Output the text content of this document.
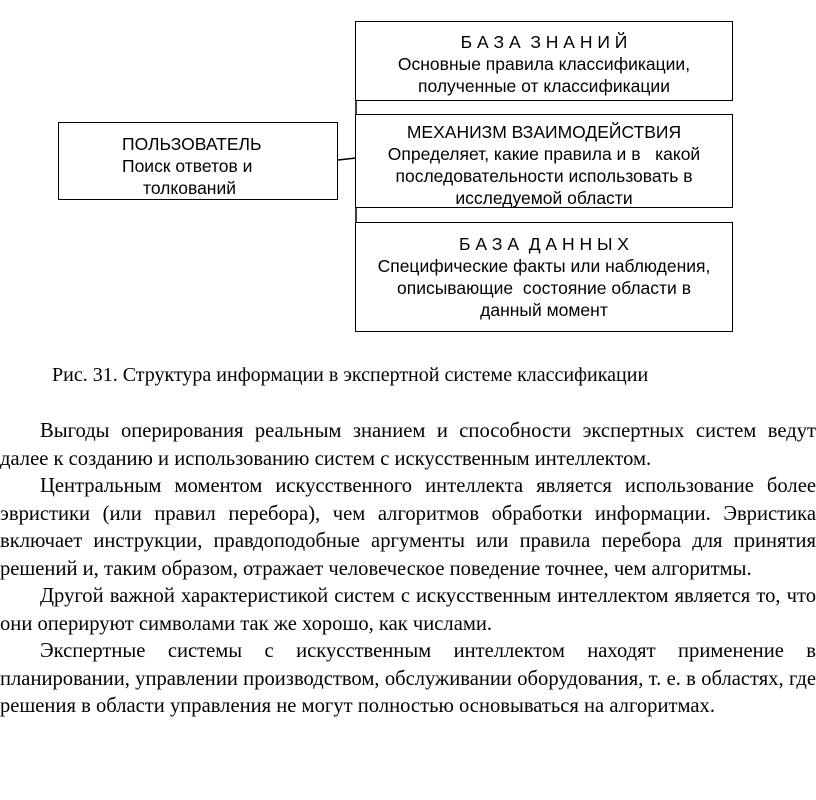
ПОЛЬЗОВАТЕЛЬ
Поиск ответов и
толкований
Б А З А  З Н А Н И Й
Основные правила классификации,
полученные от классификации
МЕХАНИЗМ ВЗАИМОДЕЙСТВИЯ
Определяет, какие правила и в   какой
последовательности использовать в
исследуемой области
Б А З А  Д А Н Н Ы Х
Специфические факты или наблюдения,
описывающие  состояние области в
данный момент
Рис. 31. Структура информации в экспертной системе классификации

Выгоды оперирования реальным знанием и способности экспертных систем ведут далее к созданию и использованию систем с искусственным интеллектом.

Центральным моментом искусственного интеллекта является использование более эвристики (или правил перебора), чем алгоритмов обработки информации. Эвристика включает инструкции, правдоподобные аргументы или правила перебора для принятия решений и, таким образом, отражает человеческое поведение точнее, чем алгоритмы.

Другой важной характеристикой систем с искусственным интеллектом является то, что они оперируют символами так же хорошо, как числами.

Экспертные системы с искусственным интеллектом находят применение в планировании, управлении производством, обслуживании оборудования, т. е. в областях, где решения в области управления не могут полностью основываться на алгоритмах.
